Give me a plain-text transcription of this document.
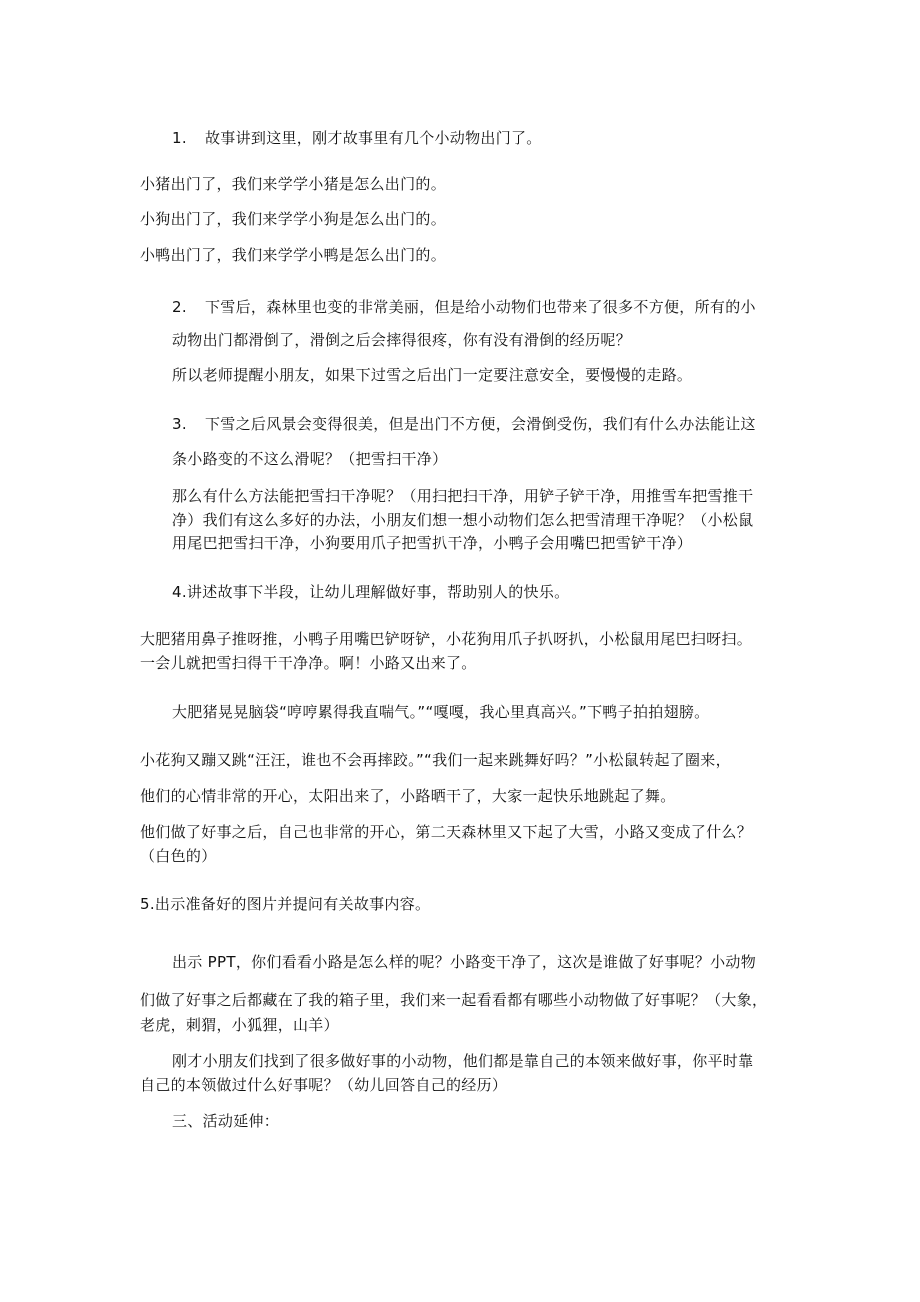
1. 故事讲到这里，刚才故事里有几个小动物出门了。
小猪出门了，我们来学学小猪是怎么出门的。
小狗出门了，我们来学学小狗是怎么出门的。
小鸭出门了，我们来学学小鸭是怎么出门的。
2. 下雪后，森林里也变的非常美丽，但是给小动物们也带来了很多不方便，所有的小
动物出门都滑倒了，滑倒之后会摔得很疼，你有没有滑倒的经历呢？
所以老师提醒小朋友，如果下过雪之后出门一定要注意安全，要慢慢的走路。
3. 下雪之后风景会变得很美，但是出门不方便，会滑倒受伤，我们有什么办法能让这
条小路变的不这么滑呢？（把雪扫干净）
那么有什么方法能把雪扫干净呢？（用扫把扫干净，用铲子铲干净，用推雪车把雪推干
净）我们有这么多好的办法，小朋友们想一想小动物们怎么把雪清理干净呢？（小松鼠
用尾巴把雪扫干净，小狗要用爪子把雪扒干净，小鸭子会用嘴巴把雪铲干净）
4.讲述故事下半段，让幼儿理解做好事，帮助别人的快乐。
大肥猪用鼻子推呀推，小鸭子用嘴巴铲呀铲，小花狗用爪子扒呀扒，小松鼠用尾巴扫呀扫。
一会儿就把雪扫得干干净净。啊！小路又出来了。
大肥猪晃晃脑袋“哼哼累得我直喘气。”“嘎嘎，我心里真高兴。”下鸭子拍拍翅膀。
小花狗又蹦又跳“汪汪，谁也不会再摔跤。”“我们一起来跳舞好吗？”小松鼠转起了圈来，
他们的心情非常的开心，太阳出来了，小路晒干了，大家一起快乐地跳起了舞。
他们做了好事之后，自己也非常的开心，第二天森林里又下起了大雪，小路又变成了什么？
（白色的）
5.出示准备好的图片并提问有关故事内容。
出示 PPT，你们看看小路是怎么样的呢？小路变干净了，这次是谁做了好事呢？小动物
们做了好事之后都藏在了我的箱子里，我们来一起看看都有哪些小动物做了好事呢？（大象，
老虎，刺猬，小狐狸，山羊）
刚才小朋友们找到了很多做好事的小动物，他们都是靠自己的本领来做好事，你平时靠
自己的本领做过什么好事呢？（幼儿回答自己的经历）
三、活动延伸：
